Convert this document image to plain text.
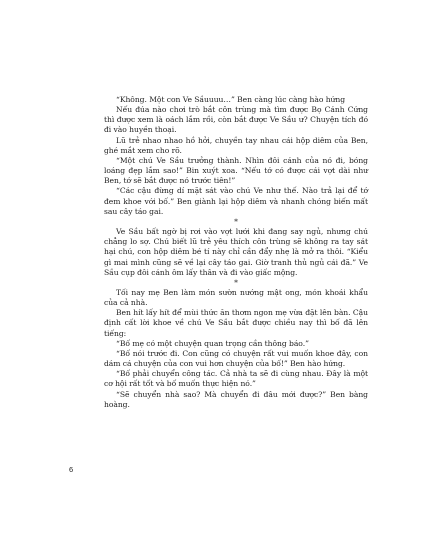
“Không. Một con Ve Sầuuuu…” Ben càng lúc càng hào hứng

Nếu đúa nào chơi trò bắt côn trùng mà tìm được Bọ Cánh Cứng thì được xem là oách lắm rồi, còn bắt được Ve Sầu ư? Chuyện tích đó đi vào huyền thoại.

Lũ trẻ nhao nhao hồ hởi, chuyền tay nhau cái hộp diêm của Ben, ghé mắt xem cho rõ.

“Một chú Ve Sầu trưởng thành. Nhìn đôi cánh của nó đi, bóng loáng đẹp lắm sao!” Bin xuýt xoa. “Nếu tớ có được cái vợt dài như Ben, tớ sẽ bắt được nó trước tiên!”

“Các cậu đừng dí mặt sát vào chú Ve như thế. Nào trả lại để tớ đem khoe với bố.” Ben giành lại hộp diêm và nhanh chóng biến mất sau cây táo gai.

*

Ve Sầu bất ngờ bị rơi vào vợt lưới khi đang say ngủ, nhưng chú chẳng lo sợ. Chú biết lũ trẻ yêu thích côn trùng sẽ không ra tay sát hại chú, con hộp diêm bé tí này chỉ cần đẩy nhẹ là mở ra thôi. “Kiểu gì mai mình cũng sẽ về lại cây táo gai. Giờ tranh thủ ngủ cái đã.” Ve Sầu cụp đôi cánh ôm lấy thân và đi vào giấc mộng.

*

Tối nay mẹ Ben làm món sườn nướng mật ong, món khoái khẩu của cả nhà.

Ben hít lấy hít để mùi thức ăn thơm ngon mẹ vừa đặt lên bàn. Cậu định cất lời khoe về chú Ve Sầu bắt được chiều nay thì bố đã lên tiếng:

“Bố mẹ có một chuyện quan trọng cần thông báo.”

“Bố nói trước đi. Con cũng có chuyện rất vui muốn khoe đây, con dám cá chuyện của con vui hơn chuyện của bố!” Ben hào hứng.

“Bố phải chuyển công tác. Cả nhà ta sẽ đi cùng nhau. Đây là một cơ hội rất tốt và bố muốn thực hiện nó.”

“Sẽ chuyển nhà sao? Mà chuyển đi đâu mới được?” Ben bàng hoàng.

6
